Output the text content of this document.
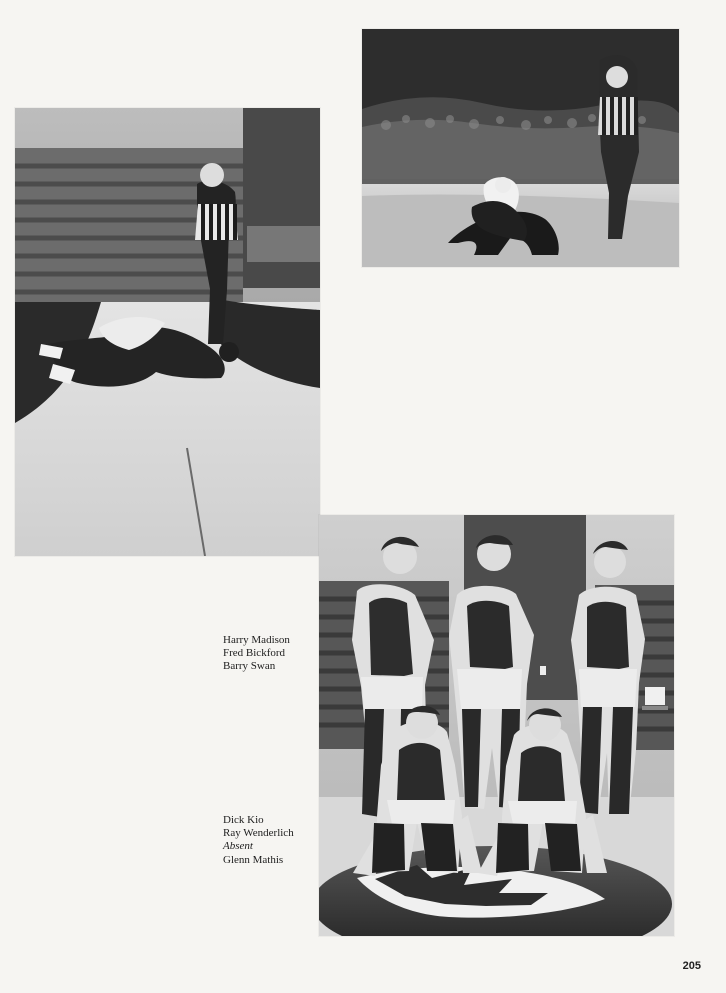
Harry Madison
Fred Bickford
Barry Swan
Dick Kio
Ray Wenderlich
Absent
Glenn Mathis
205
